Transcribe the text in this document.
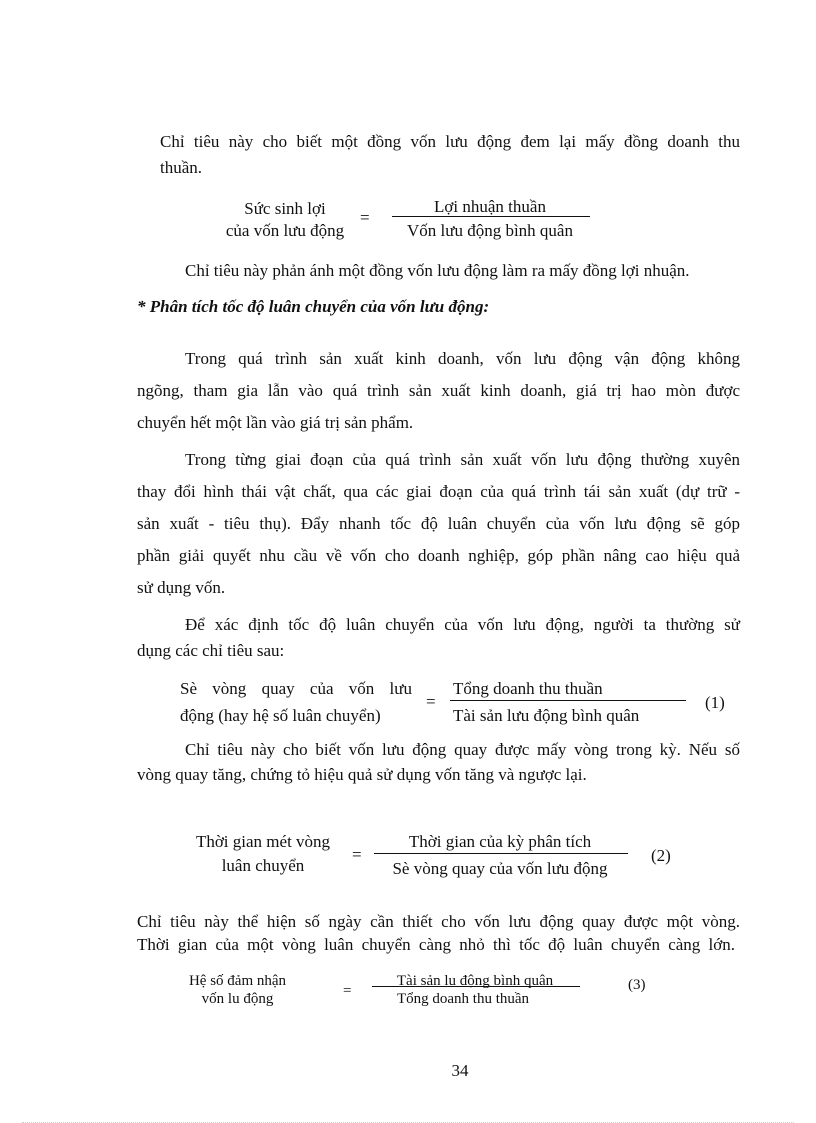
Chỉ tiêu này cho biết một đồng vốn lưu động đem lại mấy đồng doanh thu
thuần.
Sức sinh lợi
của vốn lưu động
=
Lợi nhuận thuần
Vốn lưu động bình quân
Chỉ tiêu này phản ánh một đồng vốn lưu động làm ra mấy đồng lợi nhuận.
* Phân tích tốc độ luân chuyển của vốn lưu động:
Trong quá trình sản xuất kinh doanh, vốn lưu động vận động không
ngõng, tham gia lẫn vào quá trình sản xuất kinh doanh, giá trị hao mòn được
chuyển hết một lần vào giá trị sản phẩm.
Trong từng giai đoạn của quá trình sản xuất vốn lưu động thường xuyên
thay đổi hình thái vật chất, qua các giai đoạn của quá trình tái sản xuất (dự trữ -
sản xuất - tiêu thụ). Đẩy nhanh tốc độ luân chuyển của vốn lưu động sẽ góp
phần giải quyết nhu cầu về vốn cho doanh nghiệp, góp phần nâng cao hiệu quả
sử dụng vốn.
Để xác định tốc độ luân chuyển của vốn lưu động, người ta thường sử
dụng các chỉ tiêu sau:
Sè vòng quay của vốn lưu
động (hay hệ số luân chuyển)
=
Tổng doanh thu thuần
Tài sản lưu động bình quân
(1)
Chỉ tiêu này cho biết vốn lưu động quay được mấy vòng trong kỳ. Nếu số
vòng quay tăng, chứng tỏ hiệu quả sử dụng vốn tăng và ngược lại.
Thời gian mét vòng
luân chuyển
=
Thời gian của kỳ phân tích
Sè vòng quay của vốn lưu động
(2)
Chỉ tiêu này thể hiện số ngày cần thiết cho vốn lưu động quay được một vòng.
Thời gian của một vòng luân chuyển càng nhỏ thì tốc độ luân chuyển càng lớn.
Hệ số đảm nhận
vốn lu động	=
Tài sản lu động bình quân
Tổng doanh thu thuần
(3)
34
